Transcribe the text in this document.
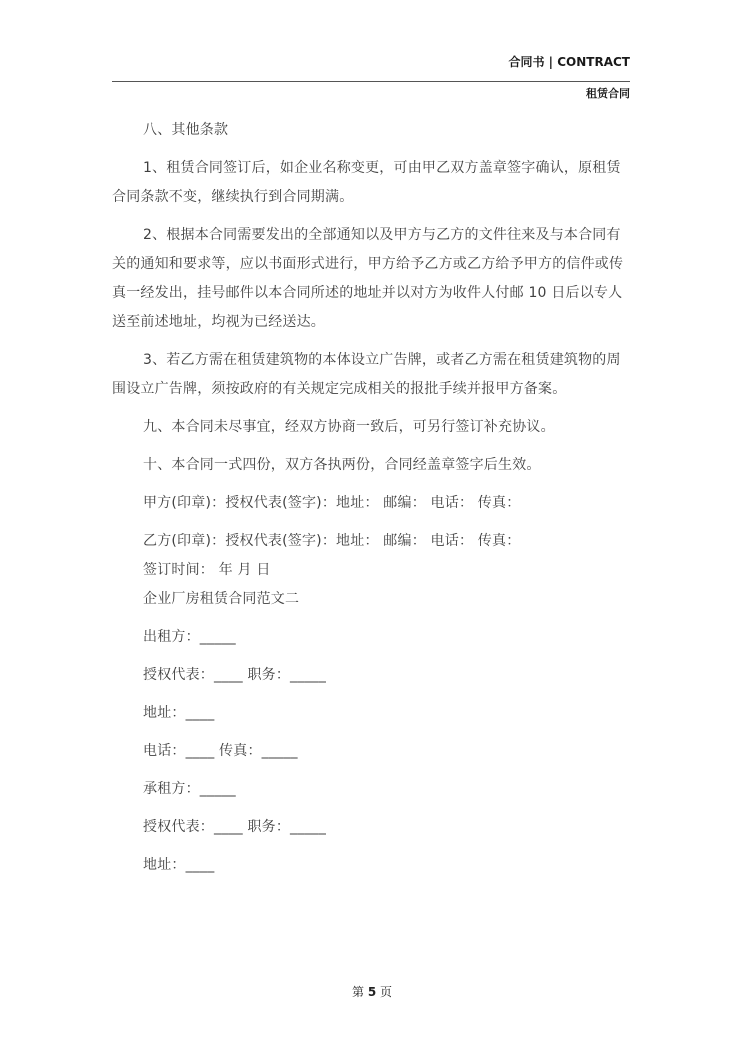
合同书 | CONTRACT
租赁合同

八、其他条款

1、租赁合同签订后，如企业名称变更，可由甲乙双方盖章签字确认，原租赁合同条款不变，继续执行到合同期满。

2、根据本合同需要发出的全部通知以及甲方与乙方的文件往来及与本合同有关的通知和要求等，应以书面形式进行，甲方给予乙方或乙方给予甲方的信件或传真一经发出，挂号邮件以本合同所述的地址并以对方为收件人付邮 10 日后以专人送至前述地址，均视为已经送达。

3、若乙方需在租赁建筑物的本体设立广告牌，或者乙方需在租赁建筑物的周围设立广告牌，须按政府的有关规定完成相关的报批手续并报甲方备案。

九、本合同未尽事宜，经双方协商一致后，可另行签订补充协议。

十、本合同一式四份，双方各执两份，合同经盖章签字后生效。

甲方(印章)：授权代表(签字)：地址： 邮编： 电话： 传真：

乙方(印章)：授权代表(签字)：地址： 邮编： 电话： 传真：

签订时间： 年 月 日

企业厂房租赁合同范文二

出租方：_____

授权代表：____ 职务：_____

地址：____

电话：____ 传真：_____

承租方：_____

授权代表：____ 职务：_____

地址：____

第 5 页
